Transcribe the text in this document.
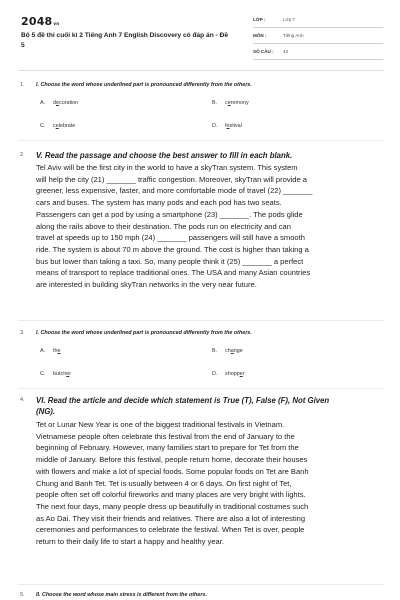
2048vn
Bộ 5 đề thi cuối kì 2 Tiếng Anh 7 English Discovery có đáp án - Đề 5
LỚP :	Lớp 7
MÔN :	Tiếng Anh
SỐ CÂU : 43
1. I. Choose the word whose underlined part is pronounced differently from the others.
A. decoration	B. ceremony
C. celebrate	D. festival
2. V. Read the passage and choose the best answer to fill in each blank.
Tel Aviv will be the first city in the world to have a skyTran system. This system
will help the city (21) _______ traffic congestion. Moreover, skyTran will provide a
greener, less expensive, faster, and more comfortable mode of travel (22) _______
cars and buses. The system has many pods and each pod has two seats.
Passengers can get a pod by using a smartphone (23) _______. The pods glide
along the rails above to their destination. The pods run on electricity and can
travel at speeds up to 150 mph (24) _______ passengers will still have a smooth
ride. The system is about 70 m above the ground. The cost is higher than taking a
bus but lower than taking a taxi. So, many people think it (25) _______ a perfect
means of transport to replace traditional ones. The USA and many Asian countries
are interested in building skyTran networks in the very near future.
3. I. Choose the word whose underlined part is pronounced differently from the others.
A. the	B. change
C. butcher	D. shopper
4. VI. Read the article and decide which statement is True (T), False (F), Not Given
(NG).
Tet or Lunar New Year is one of the biggest traditional festivals in Vietnam.
Vietnamese people often celebrate this festival from the end of January to the
beginning of February. However, many families start to prepare for Tet from the
middle of January. Before this festival, people return home, decorate their houses
with flowers and make a lot of special foods. Some popular foods on Tet are Banh
Chung and Banh Tet. Tet is usually between 4 or 6 days. On first night of Tet,
people often set off colorful fireworks and many places are very bright with lights.
The next four days, many people dress up beautifully in traditional costumes such
as Ao Dai. They visit their friends and relatives. There are also a lot of interesting
ceremonies and performances to celebrate the festival. When Tet is over, people
return to their daily life to start a happy and healthy year.
5. II. Choose the word whose main stress is different from the others.
